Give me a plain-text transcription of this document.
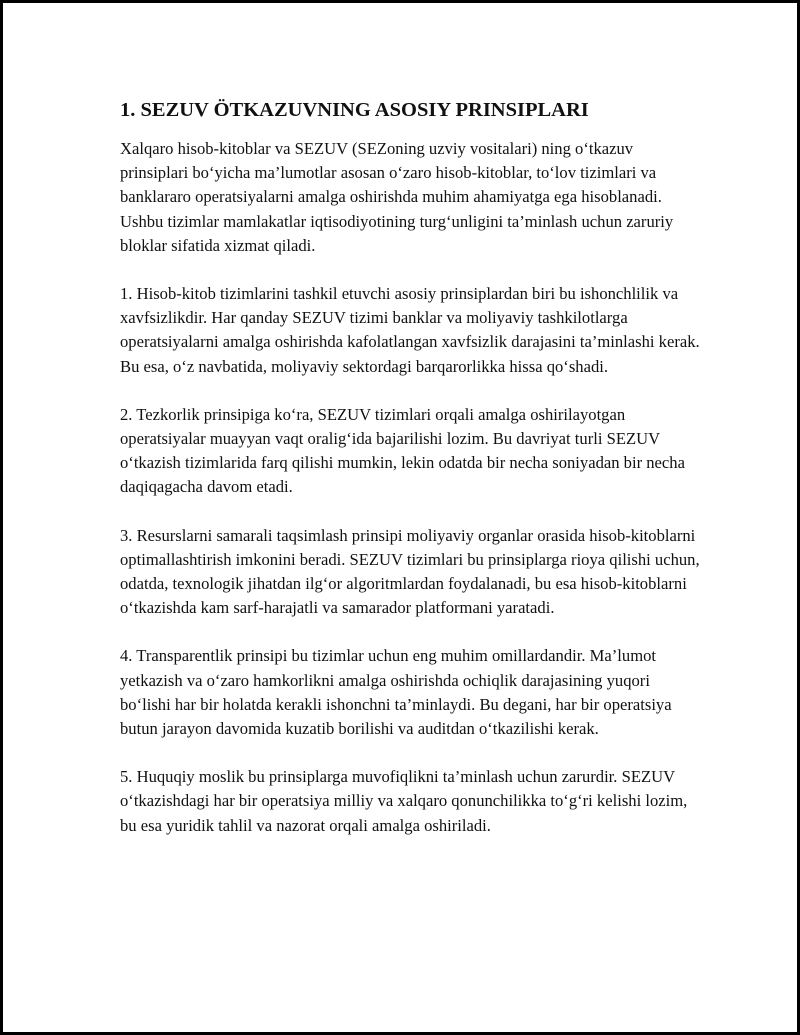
1. SEZUV ÖTKAZUVNING ASOSIY PRINSIPLARI

Xalqaro hisob-kitoblar va SEZUV (SEZoning uzviy vositalari) ning o‘tkazuv prinsiplari bo‘yicha ma’lumotlar asosan o‘zaro hisob-kitoblar, to‘lov tizimlari va banklararo operatsiyalarni amalga oshirishda muhim ahamiyatga ega hisoblanadi. Ushbu tizimlar mamlakatlar iqtisodiyotining turg‘unligini ta’minlash uchun zaruriy bloklar sifatida xizmat qiladi.

1. Hisob-kitob tizimlarini tashkil etuvchi asosiy prinsiplardan biri bu ishonchlilik va xavfsizlikdir. Har qanday SEZUV tizimi banklar va moliyaviy tashkilotlarga operatsiyalarni amalga oshirishda kafolatlangan xavfsizlik darajasini ta’minlashi kerak. Bu esa, o‘z navbatida, moliyaviy sektordagi barqarorlikka hissa qo‘shadi.

2. Tezkorlik prinsipiga ko‘ra, SEZUV tizimlari orqali amalga oshirilayotgan operatsiyalar muayyan vaqt oralig‘ida bajarilishi lozim. Bu davriyat turli SEZUV o‘tkazish tizimlarida farq qilishi mumkin, lekin odatda bir necha soniyadan bir necha daqiqagacha davom etadi.

3. Resurslarni samarali taqsimlash prinsipi moliyaviy organlar orasida hisob-kitoblarni optimallashtirish imkonini beradi. SEZUV tizimlari bu prinsiplarga rioya qilishi uchun, odatda, texnologik jihatdan ilg‘or algoritmlardan foydalanadi, bu esa hisob-kitoblarni o‘tkazishda kam sarf-harajatli va samarador platformani yaratadi.

4. Transparentlik prinsipi bu tizimlar uchun eng muhim omillardandir. Ma’lumot yetkazish va o‘zaro hamkorlikni amalga oshirishda ochiqlik darajasining yuqori bo‘lishi har bir holatda kerakli ishonchni ta’minlaydi. Bu degani, har bir operatsiya butun jarayon davomida kuzatib borilishi va auditdan o‘tkazilishi kerak.

5. Huquqiy moslik bu prinsiplarga muvofiqlikni ta’minlash uchun zarurdir. SEZUV o‘tkazishdagi har bir operatsiya milliy va xalqaro qonunchilikka to‘g‘ri kelishi lozim, bu esa yuridik tahlil va nazorat orqali amalga oshiriladi.
